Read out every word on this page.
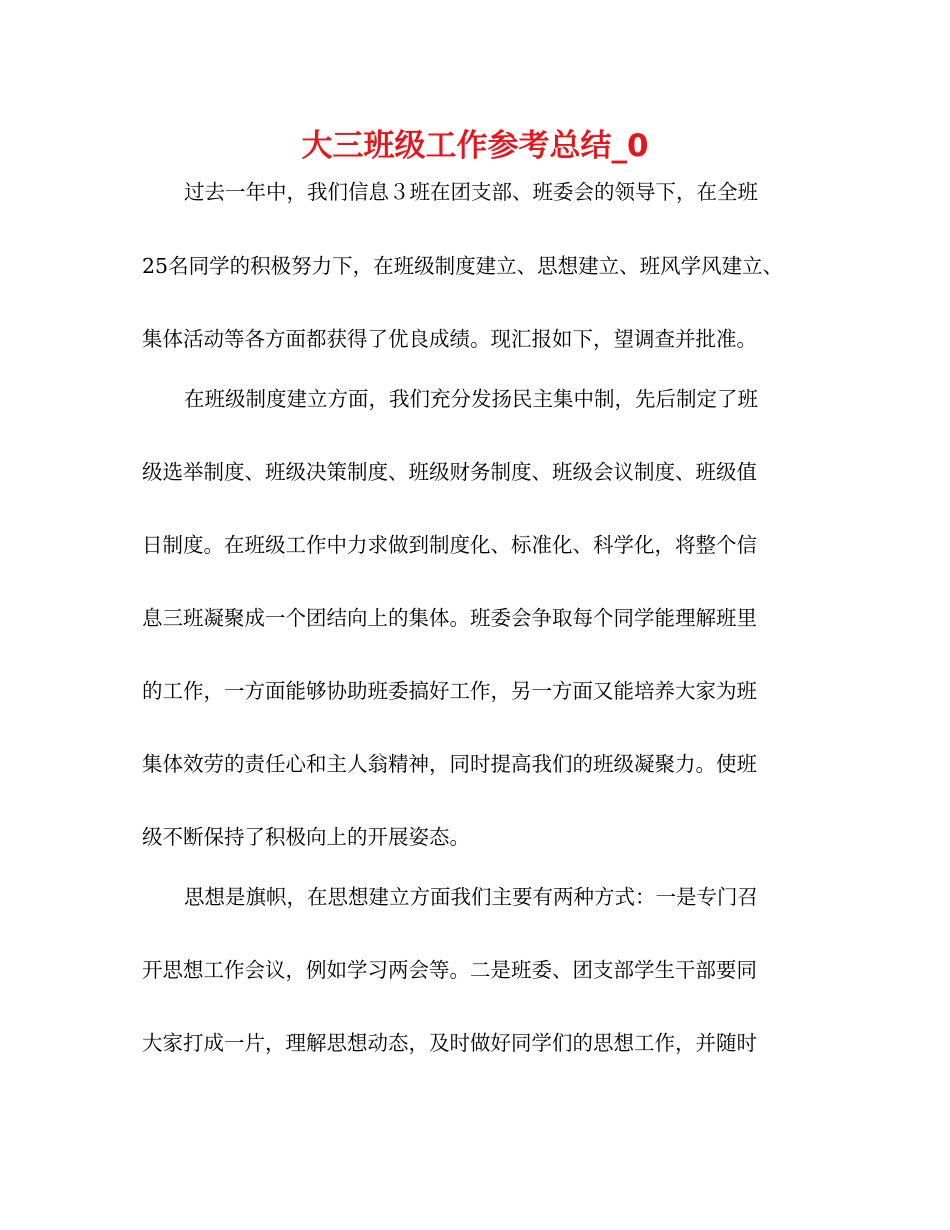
大三班级工作参考总结_0

过去一年中，我们信息３班在团支部、班委会的领导下，在全班

25名同学的积极努力下，在班级制度建立、思想建立、班风学风建立、

集体活动等各方面都获得了优良成绩。现汇报如下，望调查并批准。

在班级制度建立方面，我们充分发扬民主集中制，先后制定了班

级选举制度、班级决策制度、班级财务制度、班级会议制度、班级值

日制度。在班级工作中力求做到制度化、标准化、科学化，将整个信

息三班凝聚成一个团结向上的集体。班委会争取每个同学能理解班里

的工作，一方面能够协助班委搞好工作，另一方面又能培养大家为班

集体效劳的责任心和主人翁精神，同时提高我们的班级凝聚力。使班

级不断保持了积极向上的开展姿态。

思想是旗帜，在思想建立方面我们主要有两种方式：一是专门召

开思想工作会议，例如学习两会等。二是班委、团支部学生干部要同

大家打成一片，理解思想动态，及时做好同学们的思想工作，并随时
